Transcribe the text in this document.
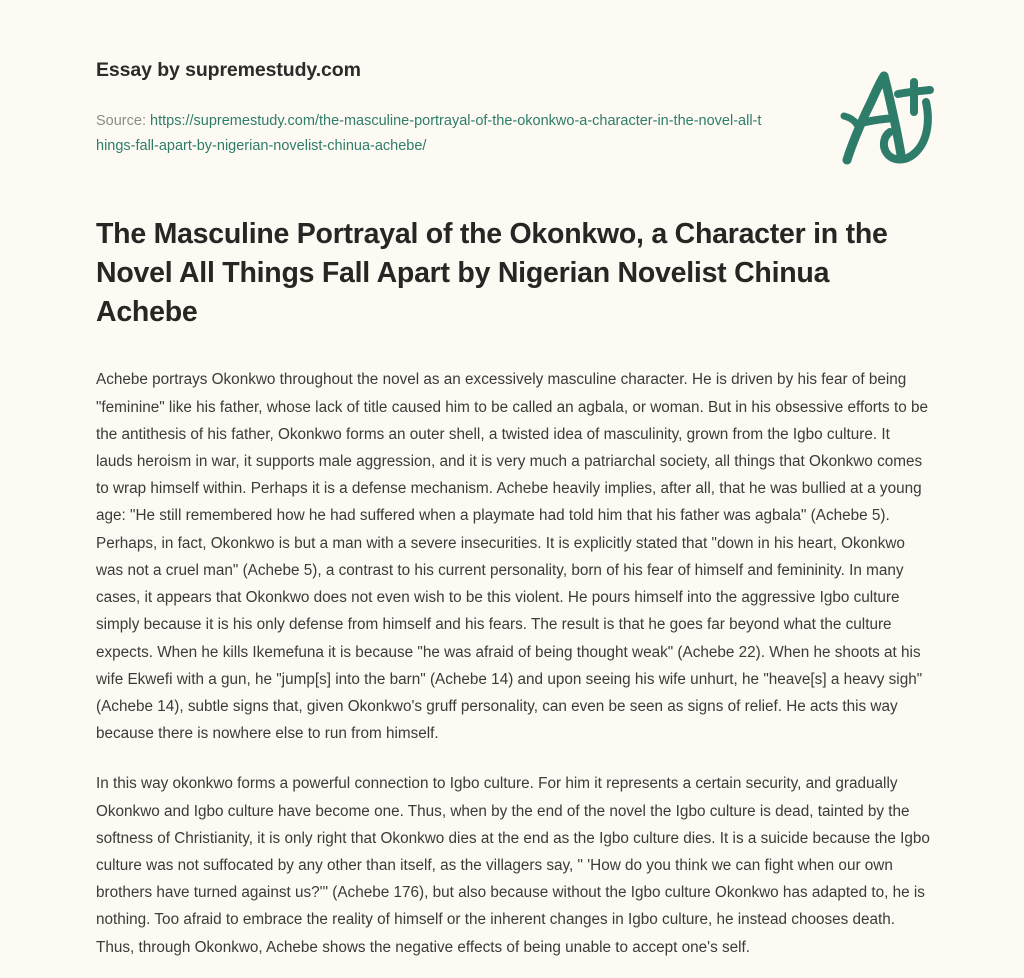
Essay by supremestudy.com
Source: https://supremestudy.com/the-masculine-portrayal-of-the-okonkwo-a-character-in-the-novel-all-things-fall-apart-by-nigerian-novelist-chinua-achebe/
The Masculine Portrayal of the Okonkwo, a Character in the Novel All Things Fall Apart by Nigerian Novelist Chinua Achebe

Achebe portrays Okonkwo throughout the novel as an excessively masculine character. He is driven by his fear of being "feminine" like his father, whose lack of title caused him to be called an agbala, or woman. But in his obsessive efforts to be the antithesis of his father, Okonkwo forms an outer shell, a twisted idea of masculinity, grown from the Igbo culture. It lauds heroism in war, it supports male aggression, and it is very much a patriarchal society, all things that Okonkwo comes to wrap himself within. Perhaps it is a defense mechanism. Achebe heavily implies, after all, that he was bullied at a young age: "He still remembered how he had suffered when a playmate had told him that his father was agbala" (Achebe 5). Perhaps, in fact, Okonkwo is but a man with a severe insecurities. It is explicitly stated that "down in his heart, Okonkwo was not a cruel man" (Achebe 5), a contrast to his current personality, born of his fear of himself and femininity. In many cases, it appears that Okonkwo does not even wish to be this violent. He pours himself into the aggressive Igbo culture simply because it is his only defense from himself and his fears. The result is that he goes far beyond what the culture expects. When he kills Ikemefuna it is because "he was afraid of being thought weak" (Achebe 22). When he shoots at his wife Ekwefi with a gun, he "jump[s] into the barn" (Achebe 14) and upon seeing his wife unhurt, he "heave[s] a heavy sigh" (Achebe 14), subtle signs that, given Okonkwo's gruff personality, can even be seen as signs of relief. He acts this way because there is nowhere else to run from himself.

In this way okonkwo forms a powerful connection to Igbo culture. For him it represents a certain security, and gradually Okonkwo and Igbo culture have become one. Thus, when by the end of the novel the Igbo culture is dead, tainted by the softness of Christianity, it is only right that Okonkwo dies at the end as the Igbo culture dies. It is a suicide because the Igbo culture was not suffocated by any other than itself, as the villagers say, " 'How do you think we can fight when our own brothers have turned against us?'" (Achebe 176), but also because without the Igbo culture Okonkwo has adapted to, he is nothing. Too afraid to embrace the reality of himself or the inherent changes in Igbo culture, he instead chooses death. Thus, through Okonkwo, Achebe shows the negative effects of being unable to accept one's self.
